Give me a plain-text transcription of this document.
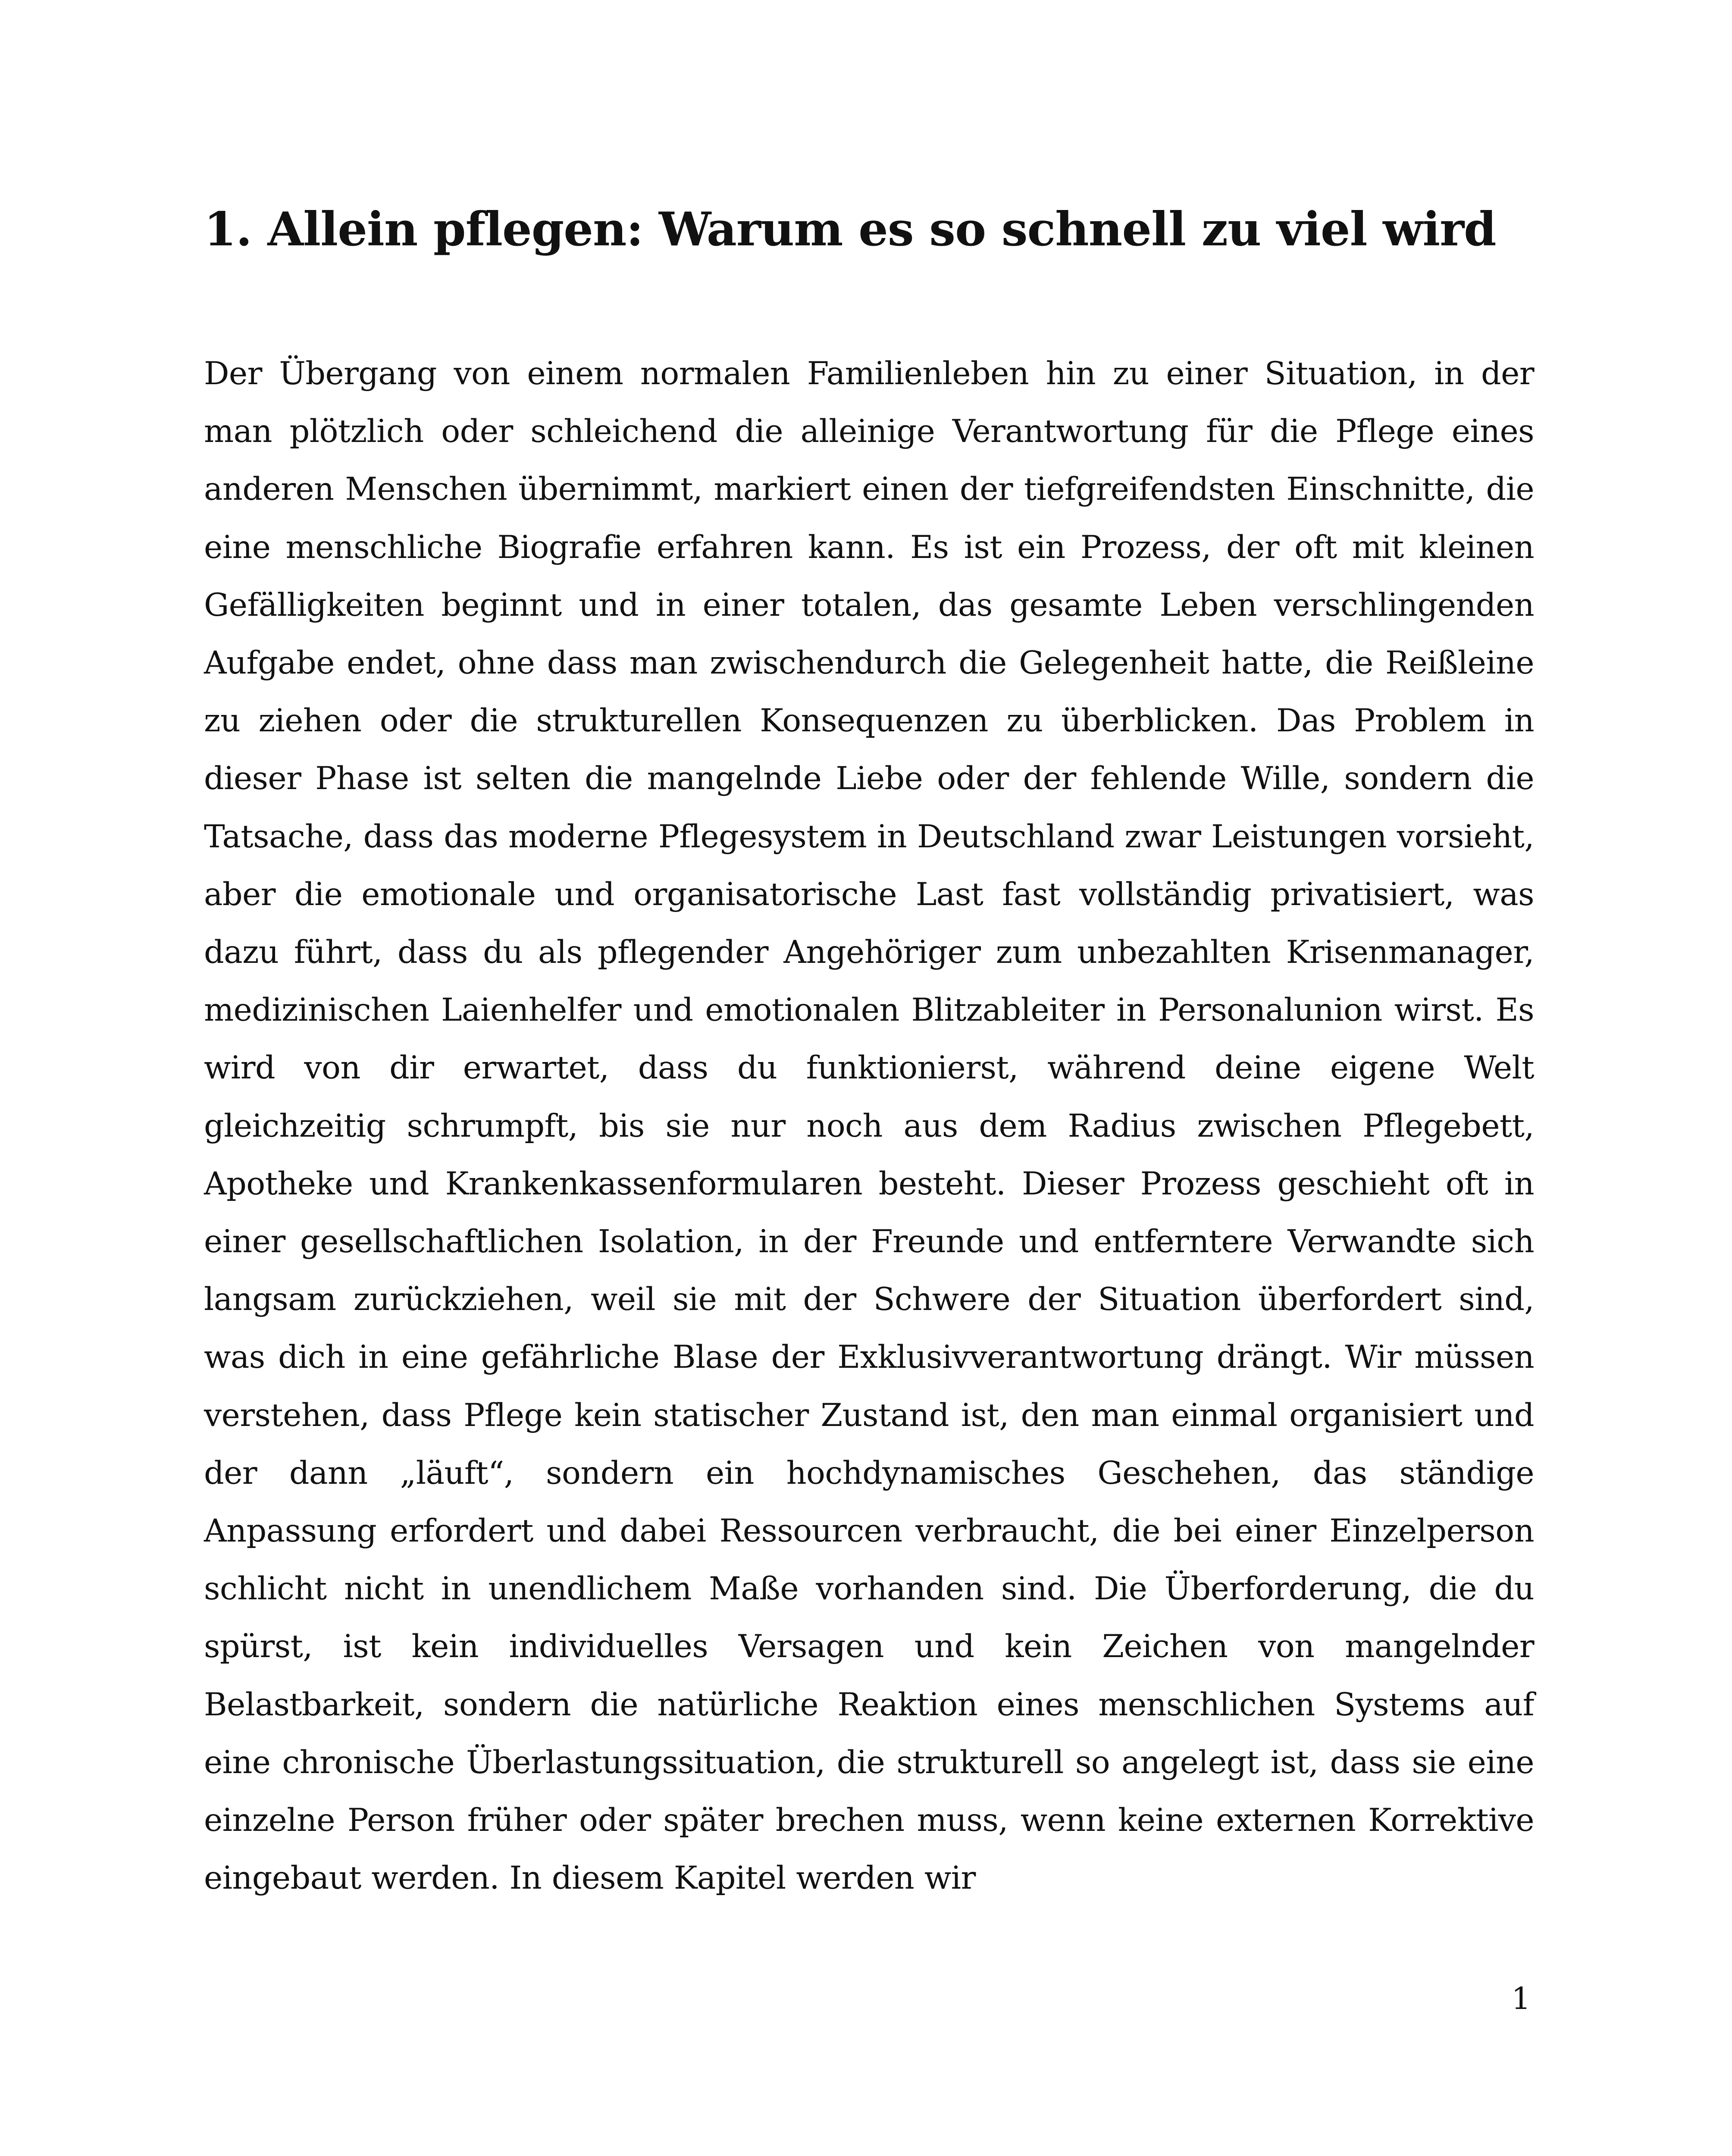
1. Allein pflegen: Warum es so schnell zu viel wird

Der Übergang von einem normalen Familienleben hin zu einer Situation, in der man plötzlich oder schleichend die alleinige Verantwortung für die Pflege eines anderen Menschen übernimmt, markiert einen der tiefgreifendsten Einschnitte, die eine menschliche Biografie erfahren kann. Es ist ein Prozess, der oft mit kleinen Gefälligkeiten beginnt und in einer totalen, das gesamte Leben verschlingenden Aufgabe endet, ohne dass man zwischendurch die Gelegenheit hatte, die Reißleine zu ziehen oder die strukturellen Konsequenzen zu überblicken. Das Problem in dieser Phase ist selten die mangelnde Liebe oder der fehlende Wille, sondern die Tatsache, dass das moderne Pflegesystem in Deutschland zwar Leistungen vorsieht, aber die emotionale und organisatorische Last fast vollständig privatisiert, was dazu führt, dass du als pflegender Angehöriger zum unbezahlten Krisenmanager, medizinischen Laienhelfer und emotionalen Blitzableiter in Personalunion wirst. Es wird von dir erwartet, dass du funktionierst, während deine eigene Welt gleichzeitig schrumpft, bis sie nur noch aus dem Radius zwischen Pflegebett, Apotheke und Krankenkassenformularen besteht. Dieser Prozess geschieht oft in einer gesellschaftlichen Isolation, in der Freunde und entferntere Verwandte sich langsam zurückziehen, weil sie mit der Schwere der Situation überfordert sind, was dich in eine gefährliche Blase der Exklusivverantwortung drängt. Wir müssen verstehen, dass Pflege kein statischer Zustand ist, den man einmal organisiert und der dann „läuft“, sondern ein hochdynamisches Geschehen, das ständige Anpassung erfordert und dabei Ressourcen verbraucht, die bei einer Einzelperson schlicht nicht in unendlichem Maße vorhanden sind. Die Überforderung, die du spürst, ist kein individuelles Versagen und kein Zeichen von mangelnder Belastbarkeit, sondern die natürliche Reaktion eines menschlichen Systems auf eine chronische Überlastungssituation, die strukturell so angelegt ist, dass sie eine einzelne Person früher oder später brechen muss, wenn keine externen Korrektive eingebaut werden. In diesem Kapitel werden wir

1
